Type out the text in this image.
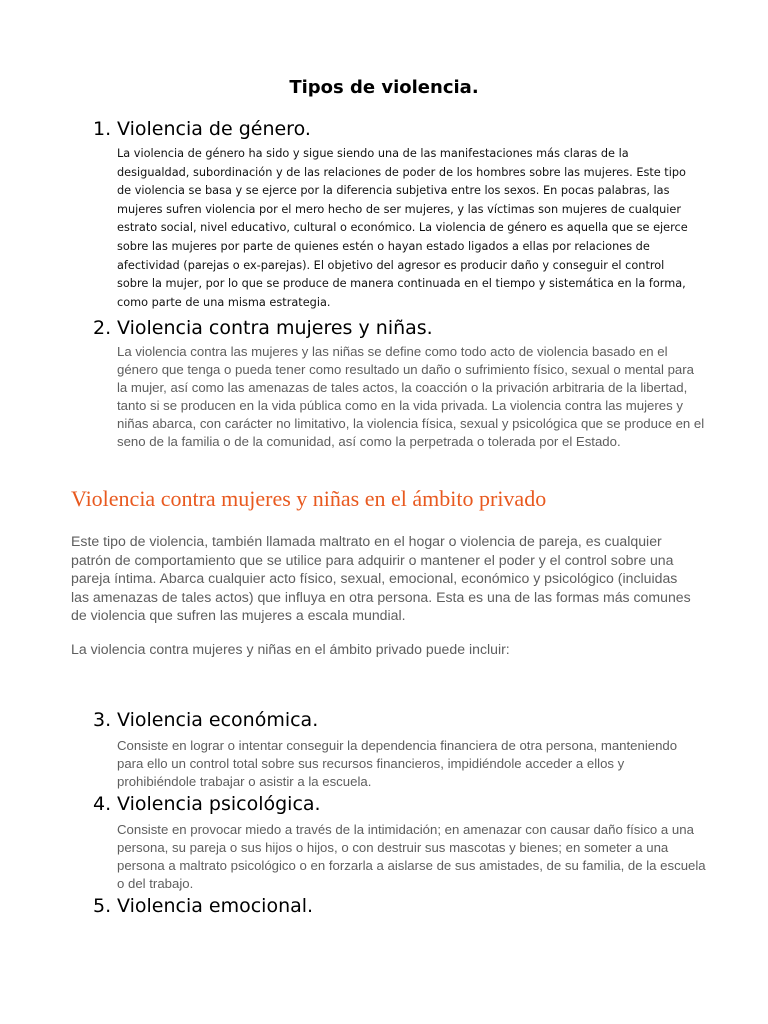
Tipos de violencia.
1. Violencia de género.
La violencia de género ha sido y sigue siendo una de las manifestaciones más claras de la desigualdad, subordinación y de las relaciones de poder de los hombres sobre las mujeres. Este tipo de violencia se basa y se ejerce por la diferencia subjetiva entre los sexos. En pocas palabras, las mujeres sufren violencia por el mero hecho de ser mujeres, y las víctimas son mujeres de cualquier estrato social, nivel educativo, cultural o económico. La violencia de género es aquella que se ejerce sobre las mujeres por parte de quienes estén o hayan estado ligados a ellas por relaciones de afectividad (parejas o ex-parejas). El objetivo del agresor es producir daño y conseguir el control sobre la mujer, por lo que se produce de manera continuada en el tiempo y sistemática en la forma, como parte de una misma estrategia.
2. Violencia contra mujeres y niñas.
La violencia contra las mujeres y las niñas se define como todo acto de violencia basado en el género que tenga o pueda tener como resultado un daño o sufrimiento físico, sexual o mental para la mujer, así como las amenazas de tales actos, la coacción o la privación arbitraria de la libertad, tanto si se producen en la vida pública como en la vida privada. La violencia contra las mujeres y niñas abarca, con carácter no limitativo, la violencia física, sexual y psicológica que se produce en el seno de la familia o de la comunidad, así como la perpetrada o tolerada por el Estado.
Violencia contra mujeres y niñas en el ámbito privado
Este tipo de violencia, también llamada maltrato en el hogar o violencia de pareja, es cualquier patrón de comportamiento que se utilice para adquirir o mantener el poder y el control sobre una pareja íntima. Abarca cualquier acto físico, sexual, emocional, económico y psicológico (incluidas las amenazas de tales actos) que influya en otra persona. Esta es una de las formas más comunes de violencia que sufren las mujeres a escala mundial.
La violencia contra mujeres y niñas en el ámbito privado puede incluir:
3. Violencia económica.
Consiste en lograr o intentar conseguir la dependencia financiera de otra persona, manteniendo para ello un control total sobre sus recursos financieros, impidiéndole acceder a ellos y prohibiéndole trabajar o asistir a la escuela.
4. Violencia psicológica.
Consiste en provocar miedo a través de la intimidación; en amenazar con causar daño físico a una persona, su pareja o sus hijos o hijos, o con destruir sus mascotas y bienes; en someter a una persona a maltrato psicológico o en forzarla a aislarse de sus amistades, de su familia, de la escuela o del trabajo.
5. Violencia emocional.
